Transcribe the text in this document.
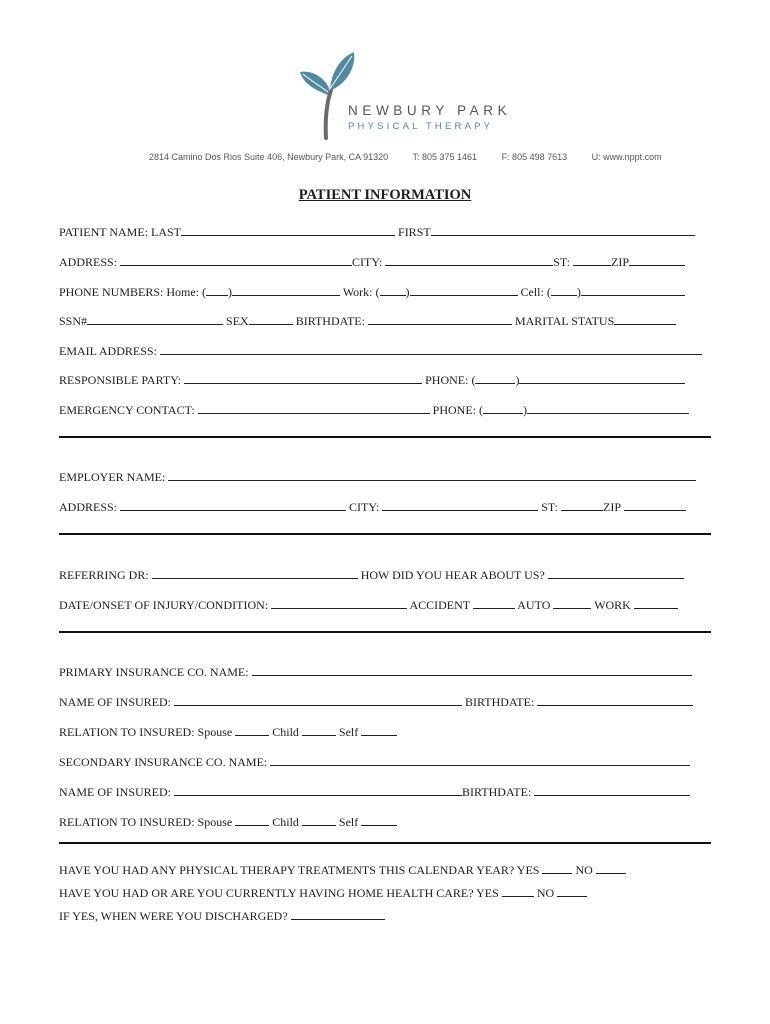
NEWBURY PARK
PHYSICAL THERAPY
2814 Camino Dos Rios Suite 406, Newbury Park, CA 91320	T: 805 375 1461	F: 805 498 7613	U: www.nppt.com
PATIENT INFORMATION
PATIENT NAME: LAST	FIRST
ADDRESS:	CITY:	ST:	ZIP
PHONE NUMBERS: Home: ( )	Work: ( )	Cell: ( )
SSN#	SEX	BIRTHDATE:	MARITAL STATUS
EMAIL ADDRESS:
RESPONSIBLE PARTY:	PHONE: (	)
EMERGENCY CONTACT:	PHONE: (	)
EMPLOYER NAME:
ADDRESS:	CITY:	ST:	ZIP
REFERRING DR:	HOW DID YOU HEAR ABOUT US?
DATE/ONSET OF INJURY/CONDITION:	ACCIDENT	AUTO	WORK
PRIMARY INSURANCE CO. NAME:
NAME OF INSURED:	BIRTHDATE:
RELATION TO INSURED: Spouse	Child	Self
SECONDARY INSURANCE CO. NAME:
NAME OF INSURED:	BIRTHDATE:
RELATION TO INSURED: Spouse	Child	Self
HAVE YOU HAD ANY PHYSICAL THERAPY TREATMENTS THIS CALENDAR YEAR? YES	NO
HAVE YOU HAD OR ARE YOU CURRENTLY HAVING HOME HEALTH CARE? YES	NO
IF YES, WHEN WERE YOU DISCHARGED?
